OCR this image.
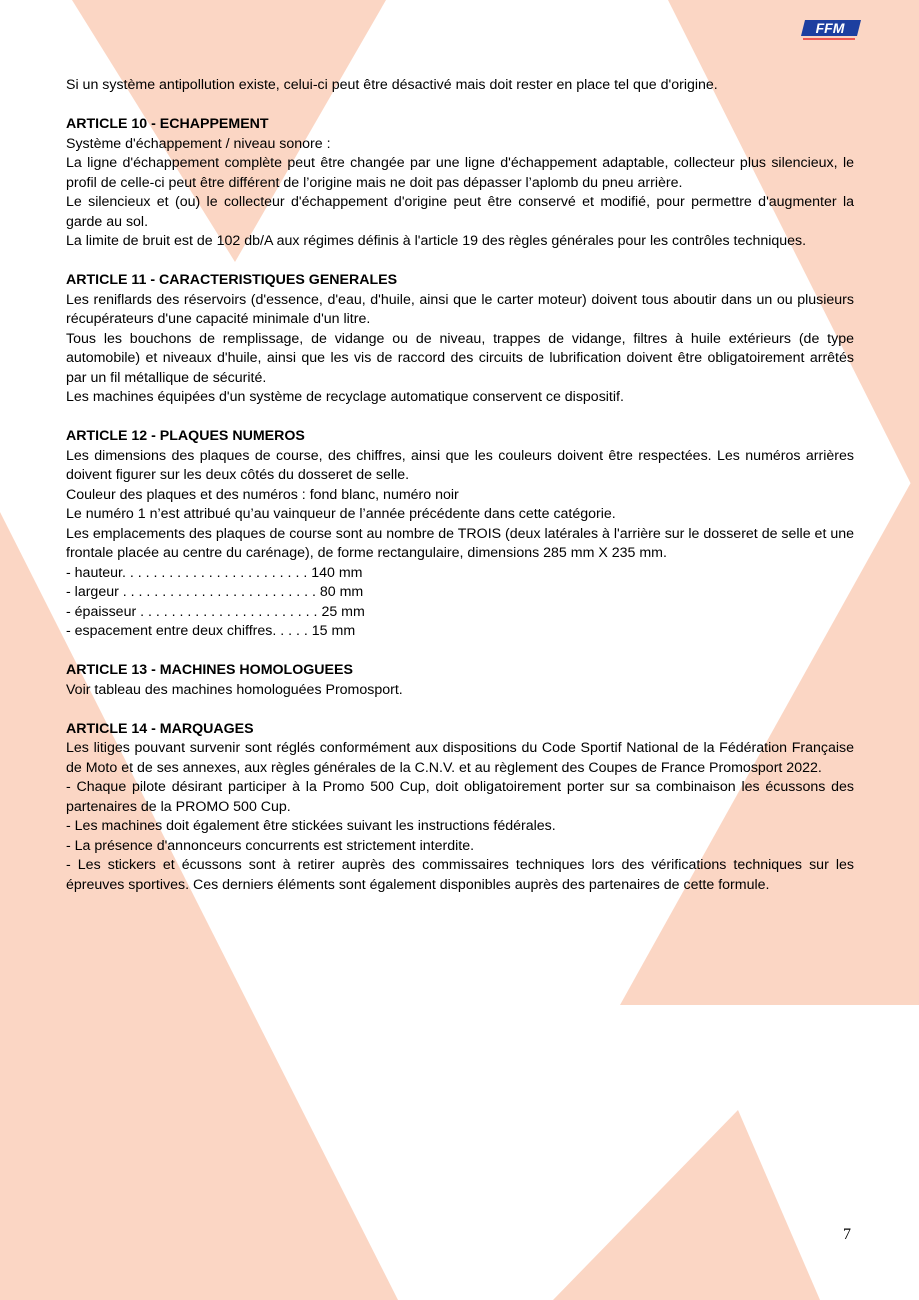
FFM

Si un système antipollution existe, celui-ci peut être désactivé mais doit rester en place tel que d'origine.

ARTICLE 10 - ECHAPPEMENT

Système d'échappement / niveau sonore :

La ligne d'échappement complète peut être changée par une ligne d'échappement adaptable, collecteur plus silencieux, le profil de celle-ci peut être différent de l’origine mais ne doit pas dépasser l’aplomb du pneu arrière.

Le silencieux et (ou) le collecteur d'échappement d'origine peut être conservé et modifié, pour permettre d'augmenter la garde au sol.

La limite de bruit est de 102 db/A aux régimes définis à l'article 19 des règles générales pour les contrôles techniques.

ARTICLE 11 - CARACTERISTIQUES GENERALES

Les reniflards des réservoirs (d'essence, d'eau, d'huile, ainsi que le carter moteur) doivent tous aboutir dans un ou plusieurs récupérateurs d'une capacité minimale d'un litre.

Tous les bouchons de remplissage, de vidange ou de niveau, trappes de vidange, filtres à huile extérieurs (de type automobile) et niveaux d'huile, ainsi que les vis de raccord des circuits de lubrification doivent être obligatoirement arrêtés par un fil métallique de sécurité.

Les machines équipées d'un système de recyclage automatique conservent ce dispositif.

ARTICLE 12 - PLAQUES NUMEROS

Les dimensions des plaques de course, des chiffres, ainsi que les couleurs doivent être respectées. Les numéros arrières doivent figurer sur les deux côtés du dosseret de selle.

Couleur des plaques et des numéros : fond blanc, numéro noir

Le numéro 1 n’est attribué qu’au vainqueur de l’année précédente dans cette catégorie.

Les emplacements des plaques de course sont au nombre de TROIS (deux latérales à l'arrière sur le dosseret de selle et une frontale placée au centre du carénage), de forme rectangulaire, dimensions 285 mm X 235 mm.

- hauteur. . . . . . . . . . . . . . . . . . . . . . . . 140 mm

- largeur . . . . . . . . . . . . . . . . . . . . . . . . . 80 mm

- épaisseur . . . . . . . . . . . . . . . . . . . . . . . 25 mm

- espacement entre deux chiffres. . . . . 15 mm

ARTICLE 13 - MACHINES HOMOLOGUEES

Voir tableau des machines homologuées Promosport.

ARTICLE 14 - MARQUAGES

Les litiges pouvant survenir sont réglés conformément aux dispositions du Code Sportif National de la Fédération Française de Moto et de ses annexes, aux règles générales de la C.N.V. et au règlement des Coupes de France Promosport 2022.

- Chaque pilote désirant participer à la Promo 500 Cup, doit obligatoirement porter sur sa combinaison les écussons des partenaires de la PROMO 500 Cup.

- Les machines doit également être stickées suivant les instructions fédérales.

- La présence d'annonceurs concurrents est strictement interdite.

- Les stickers et écussons sont à retirer auprès des commissaires techniques lors des vérifications techniques sur les épreuves sportives. Ces derniers éléments sont également disponibles auprès des partenaires de cette formule.

7
